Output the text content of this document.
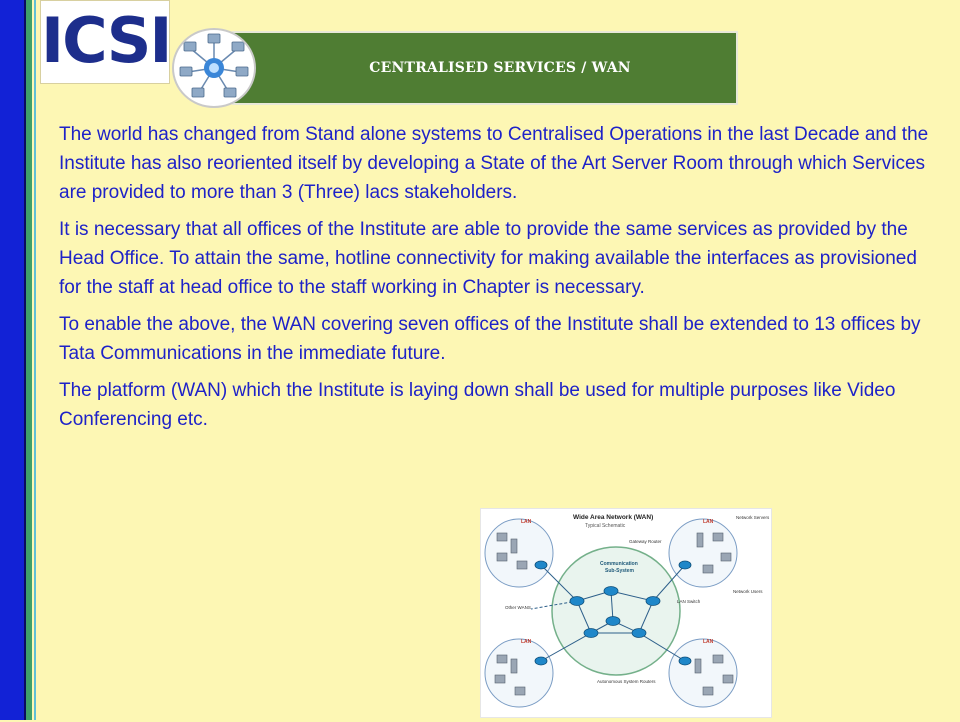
ICSI	CENTRALISED SERVICES / WAN

The world has changed from Stand alone systems to Centralised Operations in the last Decade and the Institute has also reoriented itself by developing a State of the Art Server Room through which Services are provided to more than 3 (Three) lacs stakeholders.

It is necessary that all offices of the Institute are able to provide the same services as provided by the Head Office. To attain the same, hotline connectivity for making available the interfaces as provisioned for the staff at head office to the staff working in Chapter is necessary.

To enable the above, the WAN covering seven offices of the Institute shall be extended to 13 offices by Tata Communications in the immediate future.

The platform (WAN) which the Institute is laying down shall be used for multiple purposes like Video Conferencing etc.

Wide Area Network (WAN)
Typical Schematic
Communication
Sub-System
LAN	LAN
LAN	LAN
Gateway Router
Network Servers
Network Users
LAN Switch
Other WANS
Autonomous System Routers
